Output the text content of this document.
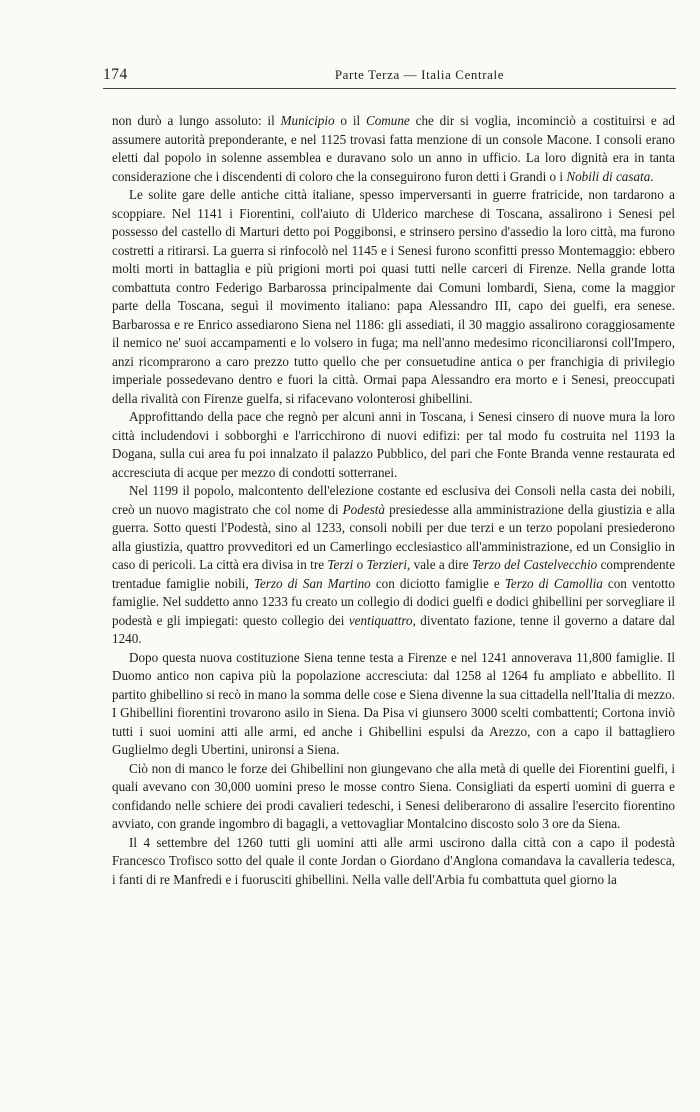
174	Parte Terza — Italia Centrale

non durò a lungo assoluto: il Municipio o il Comune che dir si voglia, incominciò a costituirsi e ad assumere autorità preponderante, e nel 1125 trovasi fatta menzione di un console Macone. I consoli erano eletti dal popolo in solenne assemblea e duravano solo un anno in ufficio. La loro dignità era in tanta considerazione che i discendenti di coloro che la conseguirono furon detti i Grandi o i Nobili di casata.

Le solite gare delle antiche città italiane, spesso imperversanti in guerre fratricide, non tardarono a scoppiare. Nel 1141 i Fiorentini, coll'aiuto di Ulderico marchese di Toscana, assalirono i Senesi pel possesso del castello di Marturi detto poi Poggibonsi, e strinsero persino d'assedio la loro città, ma furono costretti a ritirarsi. La guerra si rinfocolò nel 1145 e i Senesi furono sconfitti presso Montemaggio: ebbero molti morti in battaglia e più prigioni morti poi quasi tutti nelle carceri di Firenze. Nella grande lotta combattuta contro Federigo Barbarossa principalmente dai Comuni lombardi, Siena, come la maggior parte della Toscana, seguì il movimento italiano: papa Alessandro III, capo dei guelfi, era senese. Barbarossa e re Enrico assediarono Siena nel 1186: gli assediati, il 30 maggio assalirono coraggiosamente il nemico ne' suoi accampamenti e lo volsero in fuga; ma nell'anno medesimo riconciliaronsi coll'Impero, anzi ricomprarono a caro prezzo tutto quello che per consuetudine antica o per franchigia di privilegio imperiale possedevano dentro e fuori la città. Ormai papa Alessandro era morto e i Senesi, preoccupati della rivalità con Firenze guelfa, si rifacevano volonterosi ghibellini.

Approfittando della pace che regnò per alcuni anni in Toscana, i Senesi cinsero di nuove mura la loro città includendovi i sobborghi e l'arricchirono di nuovi edifizi: per tal modo fu costruita nel 1193 la Dogana, sulla cui area fu poi innalzato il palazzo Pubblico, del pari che Fonte Branda venne restaurata ed accresciuta di acque per mezzo di condotti sotterranei.

Nel 1199 il popolo, malcontento dell'elezione costante ed esclusiva dei Consoli nella casta dei nobili, creò un nuovo magistrato che col nome di Podestà presiedesse alla amministrazione della giustizia e alla guerra. Sotto questi l'Podestà, sino al 1233, consoli nobili per due terzi e un terzo popolani presiederono alla giustizia, quattro provveditori ed un Camerlingo ecclesiastico all'amministrazione, ed un Consiglio in caso di pericoli. La città era divisa in tre Terzi o Terzieri, vale a dire Terzo del Castelvecchio comprendente trentadue famiglie nobili, Terzo di San Martino con diciotto famiglie e Terzo di Camollia con ventotto famiglie. Nel suddetto anno 1233 fu creato un collegio di dodici guelfi e dodici ghibellini per sorvegliare il podestà e gli impiegati: questo collegio dei ventiquattro, diventato fazione, tenne il governo a datare dal 1240.

Dopo questa nuova costituzione Siena tenne testa a Firenze e nel 1241 annoverava 11,800 famiglie. Il Duomo antico non capiva più la popolazione accresciuta: dal 1258 al 1264 fu ampliato e abbellito. Il partito ghibellino si recò in mano la somma delle cose e Siena divenne la sua cittadella nell'Italia di mezzo. I Ghibellini fiorentini trovarono asilo in Siena. Da Pisa vi giunsero 3000 scelti combattenti; Cortona inviò tutti i suoi uomini atti alle armi, ed anche i Ghibellini espulsi da Arezzo, con a capo il battagliero Guglielmo degli Ubertini, unironsi a Siena.

Ciò non di manco le forze dei Ghibellini non giungevano che alla metà di quelle dei Fiorentini guelfi, i quali avevano con 30,000 uomini preso le mosse contro Siena. Consigliati da esperti uomini di guerra e confidando nelle schiere dei prodi cavalieri tedeschi, i Senesi deliberarono di assalire l'esercito fiorentino avviato, con grande ingombro di bagagli, a vettovagliar Montalcino discosto solo 3 ore da Siena.

Il 4 settembre del 1260 tutti gli uomini atti alle armi uscirono dalla città con a capo il podestà Francesco Trofisco sotto del quale il conte Jordan o Giordano d'Anglona comandava la cavalleria tedesca, i fanti di re Manfredi e i fuorusciti ghibellini. Nella valle dell'Arbia fu combattuta quel giorno la
